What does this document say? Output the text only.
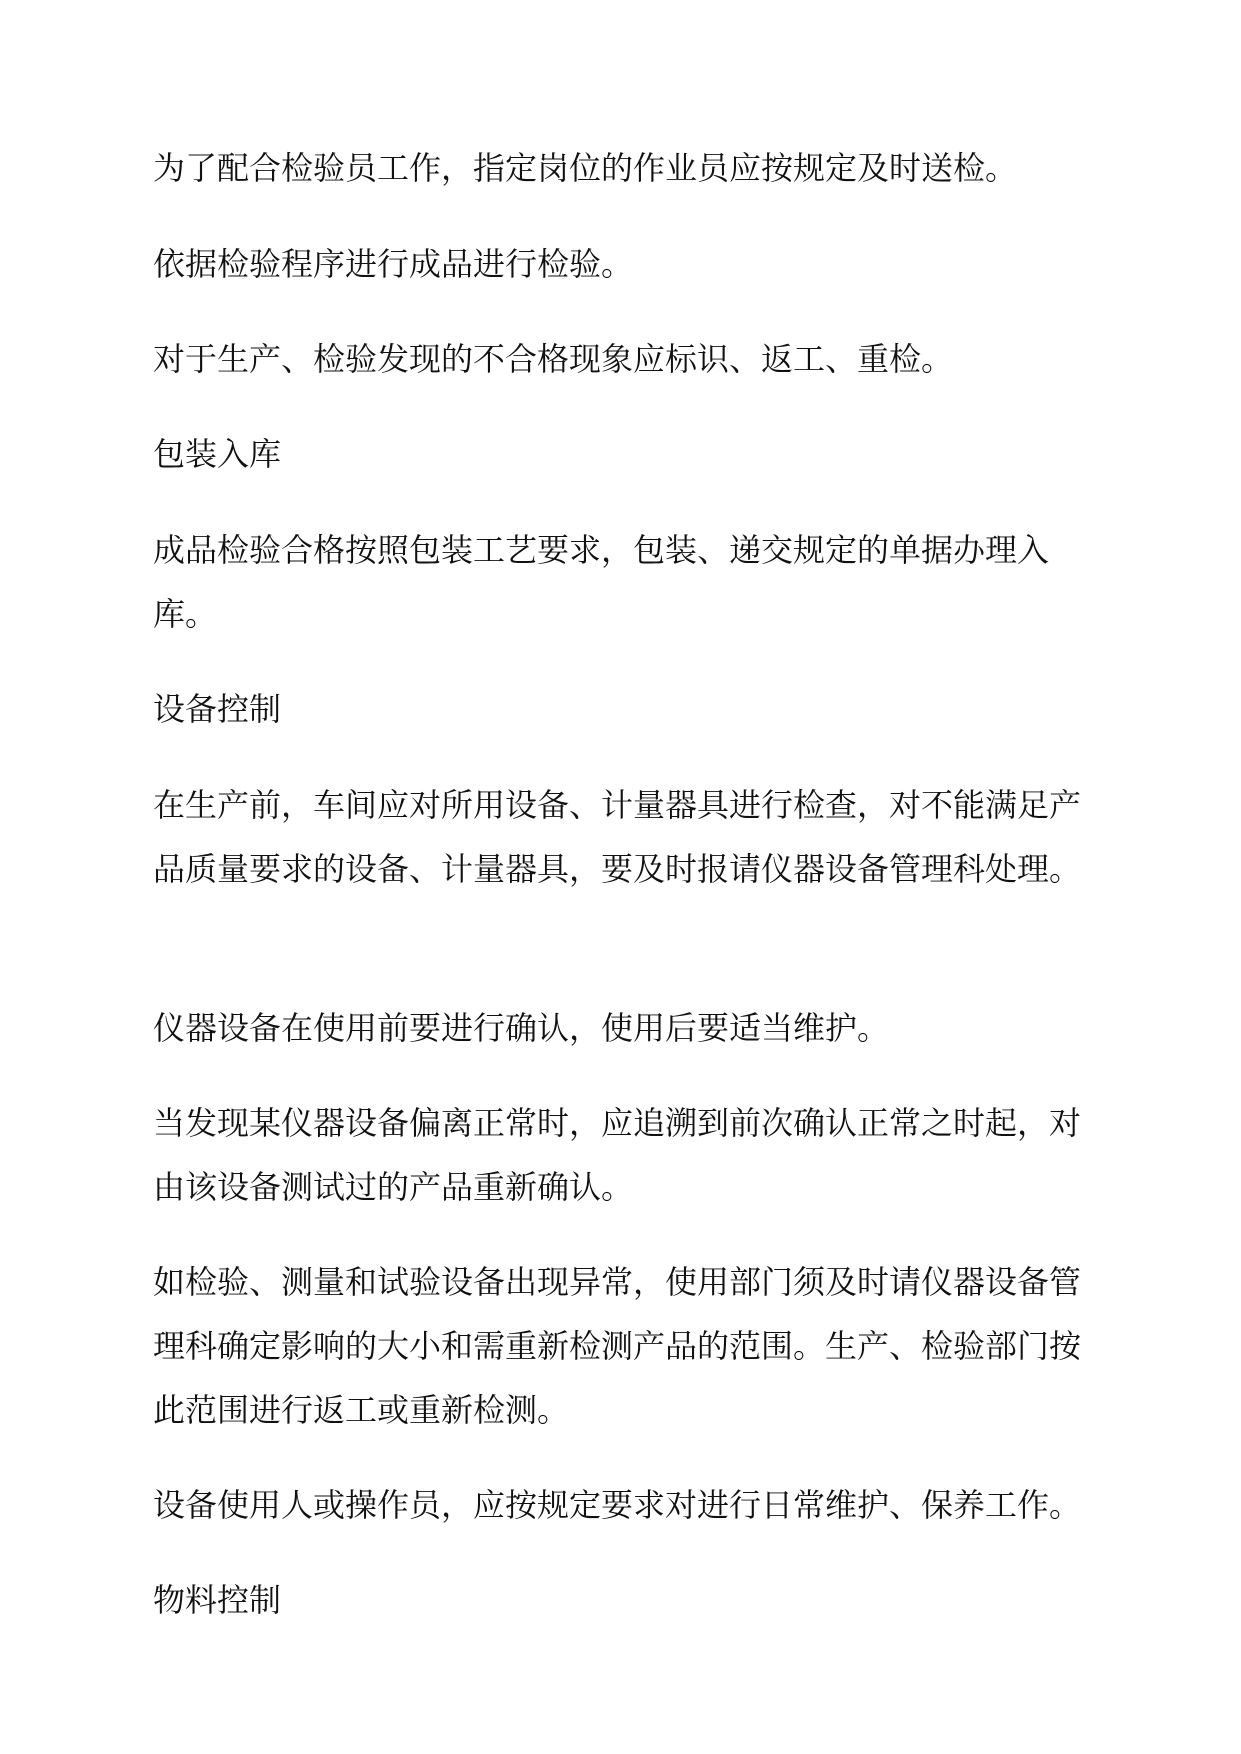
为了配合检验员工作，指定岗位的作业员应按规定及时送检。

依据检验程序进行成品进行检验。

对于生产、检验发现的不合格现象应标识、返工、重检。

包装入库

成品检验合格按照包装工艺要求，包装、递交规定的单据办理入库。

设备控制

在生产前，车间应对所用设备、计量器具进行检查，对不能满足产品质量要求的设备、计量器具，要及时报请仪器设备管理科处理。

仪器设备在使用前要进行确认，使用后要适当维护。

当发现某仪器设备偏离正常时，应追溯到前次确认正常之时起，对由该设备测试过的产品重新确认。

如检验、测量和试验设备出现异常，使用部门须及时请仪器设备管理科确定影响的大小和需重新检测产品的范围。生产、检验部门按此范围进行返工或重新检测。

设备使用人或操作员，应按规定要求对进行日常维护、保养工作。

物料控制
